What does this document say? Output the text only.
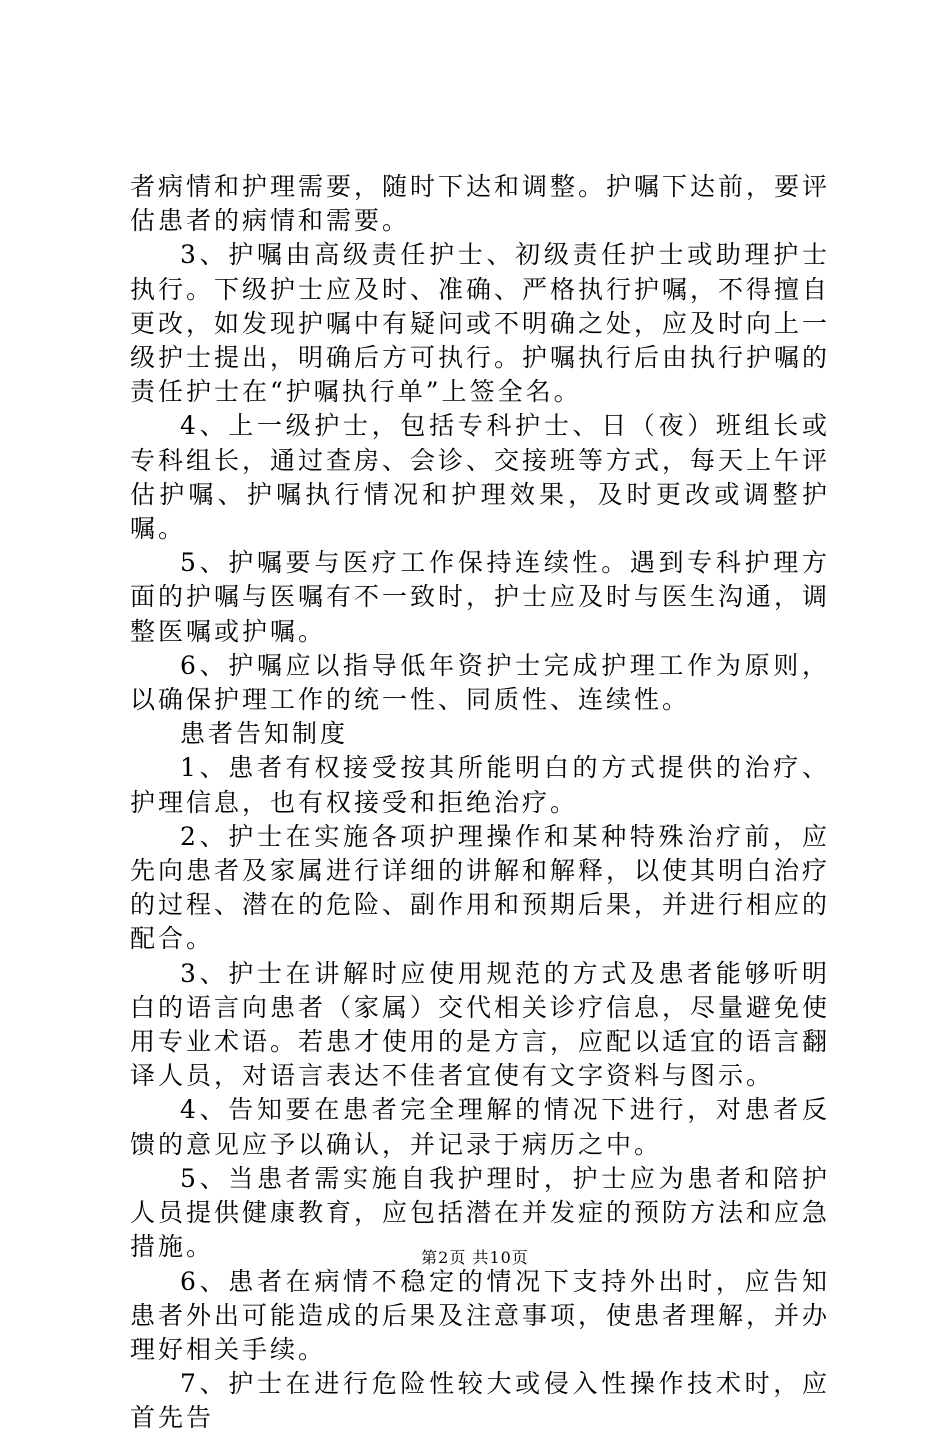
者病情和护理需要，随时下达和调整。护嘱下达前，要评估患者的病情和需要。

3、护嘱由高级责任护士、初级责任护士或助理护士执行。下级护士应及时、准确、严格执行护嘱，不得擅自更改，如发现护嘱中有疑问或不明确之处，应及时向上一级护士提出，明确后方可执行。护嘱执行后由执行护嘱的责任护士在“护嘱执行单”上签全名。

4、上一级护士，包括专科护士、日（夜）班组长或专科组长，通过查房、会诊、交接班等方式，每天上午评估护嘱、护嘱执行情况和护理效果，及时更改或调整护嘱。

5、护嘱要与医疗工作保持连续性。遇到专科护理方面的护嘱与医嘱有不一致时，护士应及时与医生沟通，调整医嘱或护嘱。

6、护嘱应以指导低年资护士完成护理工作为原则，以确保护理工作的统一性、同质性、连续性。

患者告知制度

1、患者有权接受按其所能明白的方式提供的治疗、护理信息，也有权接受和拒绝治疗。

2、护士在实施各项护理操作和某种特殊治疗前，应先向患者及家属进行详细的讲解和解释，以使其明白治疗的过程、潜在的危险、副作用和预期后果，并进行相应的配合。

3、护士在讲解时应使用规范的方式及患者能够听明白的语言向患者（家属）交代相关诊疗信息，尽量避免使用专业术语。若患才使用的是方言，应配以适宜的语言翻译人员，对语言表达不佳者宜使有文字资料与图示。

4、告知要在患者完全理解的情况下进行，对患者反馈的意见应予以确认，并记录于病历之中。

5、当患者需实施自我护理时，护士应为患者和陪护人员提供健康教育，应包括潜在并发症的预防方法和应急措施。

6、患者在病情不稳定的情况下支持外出时，应告知患者外出可能造成的后果及注意事项，使患者理解，并办理好相关手续。

7、护士在进行危险性较大或侵入性操作技术时，应首先告

第2页 共10页
